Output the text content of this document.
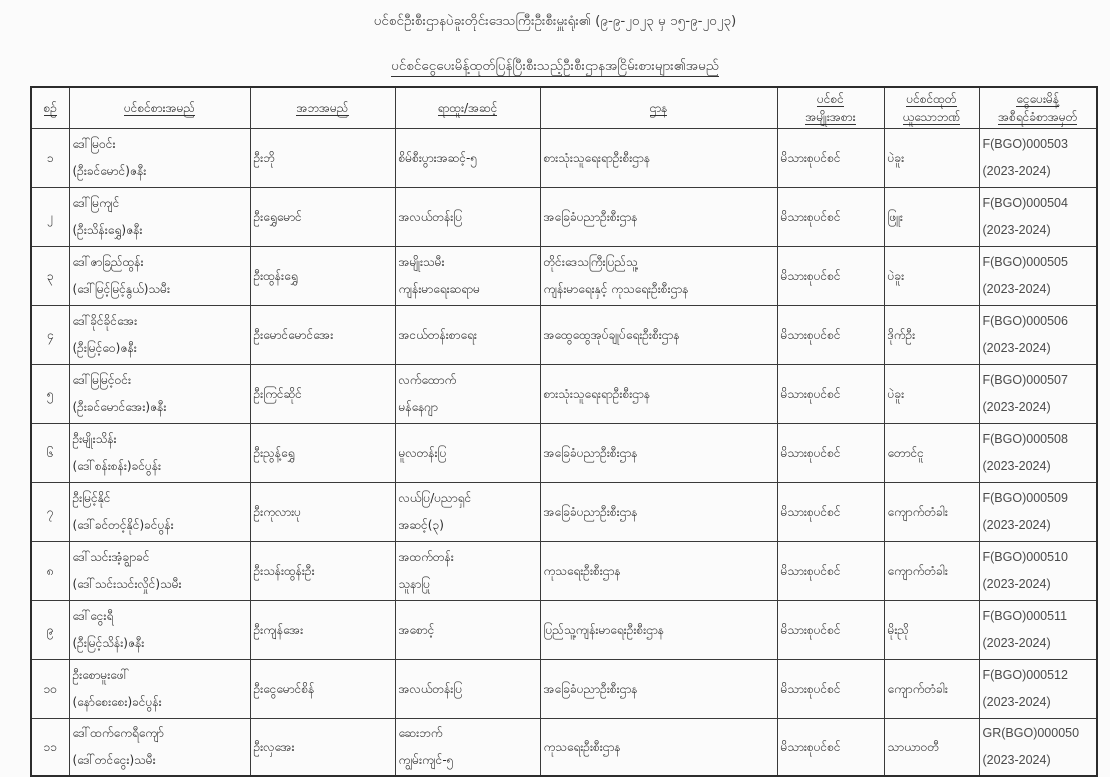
ပင်စင်ဦးစီးဌာနပဲခူးတိုင်းဒေသကြီးဦးစီးမှူးရုံး၏ (၉-၉-၂၀၂၃ မှ ၁၅-၉-၂၀၂၃)
ပင်စင်ငွေပေးမိန့်ထုတ်ပြန်ပြီးစီးသည့်ဦးစီးဌာနအငြိမ်းစားများ၏အမည်
စဉ်	ပင်စင်စားအမည်	အဘအမည်	ရာထူး/အဆင့်	ဌာန	ပင်စင်
အမျိုးအစား	ပင်စင်ထုတ်
ယူသောဘဏ်	ငွေပေးမိန့်
အစီရင်ခံစာအမှတ်
၁	ဒေါ်မြဝင်း
(ဦးခင်မောင်)ဇနီး	ဦးဘို	စိမ်စီးပွားအဆင့်-၅	စားသုံးသူရေးရာဦးစီးဌာန	မိသားစုပင်စင်	ပဲခူး	F(BGO)000503
(2023-2024)

၂	ဒေါ်မြကျင်
(ဦးသိန်းရွှေ)ဇနီး	ဦးရွှေမောင်	အလယ်တန်းပြ	အခြေခံပညာဦးစီးဌာန	မိသားစုပင်စင်	ဖြူး	F(BGO)000504
(2023-2024)

၃	ဒေါ်ဇာခြည်ထွန်း
(ဒေါ်မြင့်မြင့်နွယ်)သမီး	ဦးထွန်းရွှေ	အမျိုးသမီး
ကျန်းမာရေးဆရာမ	တိုင်းဒေသကြီးပြည်သူ့
ကျန်းမာရေးနှင့် ကုသရေးဦးစီးဌာန	မိသားစုပင်စင်	ပဲခူး	F(BGO)000505
(2023-2024)

၄	ဒေါ်ခိုင်ခိုင်အေး
(ဦးမြင့်ဝေ)ဇနီး	ဦးမောင်မောင်အေး	အငယ်တန်းစာရေး	အထွေထွေအုပ်ချုပ်ရေးဦးစီးဌာန	မိသားစုပင်စင်	ဒိုက်ဦး	F(BGO)000506
(2023-2024)

၅	ဒေါ်မြမြင့်ဝင်း
(ဦးခင်မောင်အေး)ဇနီး	ဦးကြင်ဆိုင်	လက်ထောက်
မန်နေဂျာ	စားသုံးသူရေးရာဦးစီးဌာန	မိသားစုပင်စင်	ပဲခူး	F(BGO)000507
(2023-2024)

၆	ဦးမျိုးသိန်း
(ဒေါ်စန်းစန်း)ခင်ပွန်း	ဦးညွန့်ရွှေ	မူလတန်းပြ	အခြေခံပညာဦးစီးဌာန	မိသားစုပင်စင်	တောင်ငူ	F(BGO)000508
(2023-2024)

၇	ဦးမြင့်နိုင်
(ဒေါ်ခင်တင့်နိုင်)ခင်ပွန်း	ဦးကုလားပု	လယ်ပြ/ပညာရှင်
အဆင့်(၃)	အခြေခံပညာဦးစီးဌာန	မိသားစုပင်စင်	ကျောက်တံခါး	F(BGO)000509
(2023-2024)

၈	ဒေါ်သင်းအံ့ချွာခင်
(ဒေါ်သင်းသင်းလှိုင်)သမီး	ဦးသန်းထွန်းဦး	အထက်တန်း
သူနာပြု	ကုသရေးဦးစီးဌာန	မိသားစုပင်စင်	ကျောက်တံခါး	F(BGO)000510
(2023-2024)

၉	ဒေါ်ငွေးရီ
(ဦးမြင့်သိန်း)ဇနီး	ဦးကျန်အေး	အစောင့်	ပြည်သူ့ကျန်းမာရေးဦးစီးဌာန	မိသားစုပင်စင်	မိုးညို	F(BGO)000511
(2023-2024)

၁၀	ဦးစောမူးဖေါ်
(နော်စေးစေး)ခင်ပွန်း	ဦးငွေမောင်စိန်	အလယ်တန်းပြ	အခြေခံပညာဦးစီးဌာန	မိသားစုပင်စင်	ကျောက်တံခါး	F(BGO)000512
(2023-2024)

၁၁	ဒေါ်ထက်ကေရီကျော်
(ဒေါ်တင်ငွေး)သမီး	ဦးလှအေး	ဆေးဘက်
ကျွမ်းကျင်-၅	ကုသရေးဦးစီးဌာန	မိသားစုပင်စင်	သာယာဝတီ	GR(BGO)000050
(2023-2024)
